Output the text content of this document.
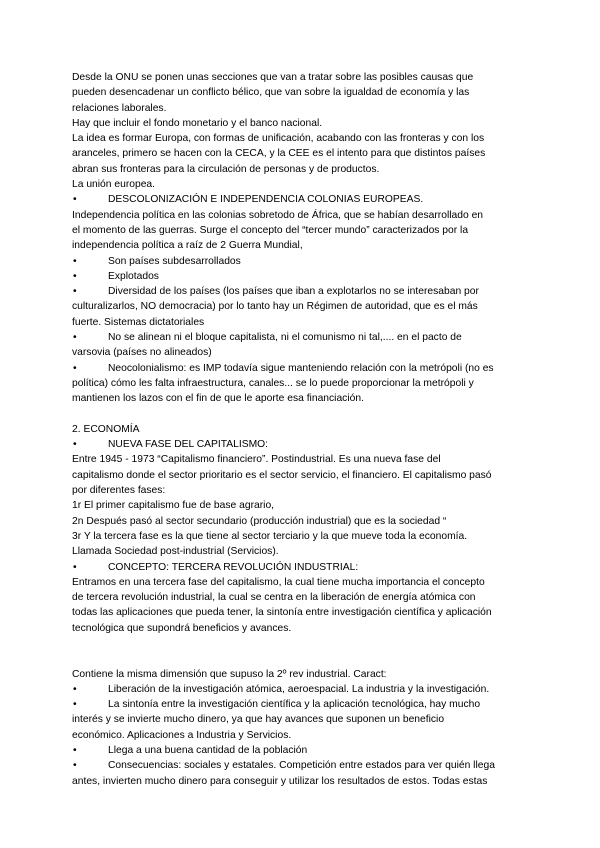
Desde la ONU se ponen unas secciones que van a tratar sobre las posibles causas que
pueden desencadenar un conflicto bélico, que van sobre la igualdad de economía y las
relaciones laborales.
Hay que incluir el fondo monetario y el banco nacional.
La idea es formar Europa, con formas de unificación, acabando con las fronteras y con los
aranceles, primero se hacen con la CECA, y la CEE es el intento para que distintos países
abran sus fronteras para la circulación de personas y de productos.
La unión europea.
•	DESCOLONIZACIÓN E INDEPENDENCIA COLONIAS EUROPEAS.
Independencia política en las colonias sobretodo de África, que se habían desarrollado en
el momento de las guerras. Surge el concepto del “tercer mundo” caracterizados por la
independencia política a raíz de 2 Guerra Mundial,
•	Son países subdesarrollados
•	Explotados
•	Diversidad de los países (los países que iban a explotarlos no se interesaban por
culturalizarlos, NO democracia) por lo tanto hay un Régimen de autoridad, que es el más
fuerte. Sistemas dictatoriales
•	No se alinean ni el bloque capitalista, ni el comunismo ni tal,.... en el pacto de
varsovia (países no alineados)
•	Neocolonialismo: es IMP todavía sigue manteniendo relación con la metrópoli (no es
política) cómo les falta infraestructura, canales... se lo puede proporcionar la metrópoli y
mantienen los lazos con el fin de que le aporte esa financiación.
2. ECONOMÍA
•	NUEVA FASE DEL CAPITALISMO:
Entre 1945 - 1973 “Capitalismo financiero”. Postindustrial. Es una nueva fase del
capitalismo donde el sector prioritario es el sector servicio, el financiero. El capitalismo pasó
por diferentes fases:
1r El primer capitalismo fue de base agrario,
2n Después pasó al sector secundario (producción industrial) que es la sociedad “
3r Y la tercera fase es la que tiene al sector terciario y la que mueve toda la economía.
Llamada Sociedad post-industrial (Servicios).
•	CONCEPTO: TERCERA REVOLUCIÓN INDUSTRIAL:
Entramos en una tercera fase del capitalismo, la cual tiene mucha importancia el concepto
de tercera revolución industrial, la cual se centra en la liberación de energía atómica con
todas las aplicaciones que pueda tener, la sintonía entre investigación científica y aplicación
tecnológica que supondrá beneficios y avances.
Contiene la misma dimensión que supuso la 2º rev industrial. Caract:
•	Liberación de la investigación atómica, aeroespacial. La industria y la investigación.
•	La sintonía entre la investigación científica y la aplicación tecnológica, hay mucho
interés y se invierte mucho dinero, ya que hay avances que suponen un beneficio
económico. Aplicaciones a Industria y Servicios.
•	Llega a una buena cantidad de la población
•	Consecuencias: sociales y estatales. Competición entre estados para ver quién llega
antes, invierten mucho dinero para conseguir y utilizar los resultados de estos. Todas estas
